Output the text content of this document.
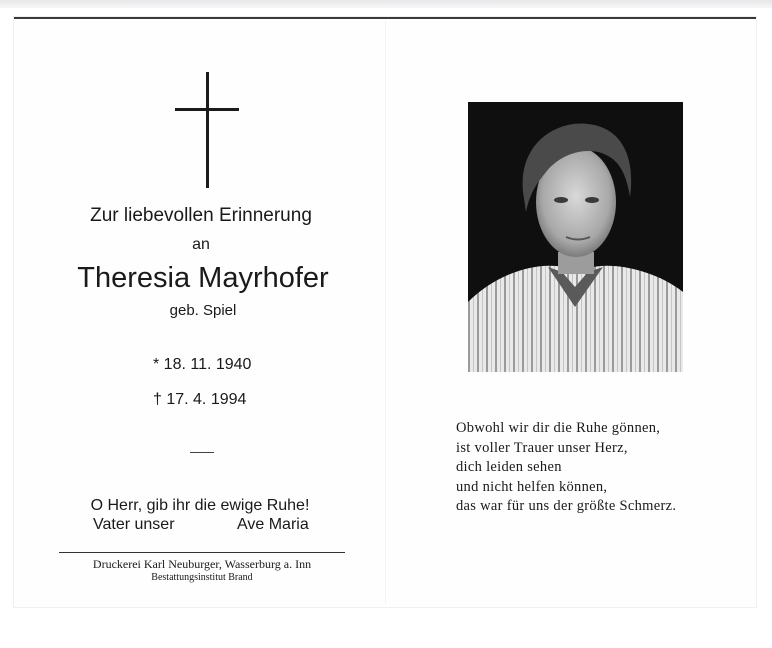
Zur liebevollen Erinnerung
an
Theresia Mayrhofer
geb. Spiel
* 18. 11. 1940
† 17. 4. 1994
O Herr, gib ihr die ewige Ruhe!
Vater unser	Ave Maria
Druckerei Karl Neuburger, Wasserburg a. Inn
Bestattungsinstitut Brand
Obwohl wir dir die Ruhe gönnen,
ist voller Trauer unser Herz,
dich leiden sehen
und nicht helfen können,
das war für uns der größte Schmerz.
